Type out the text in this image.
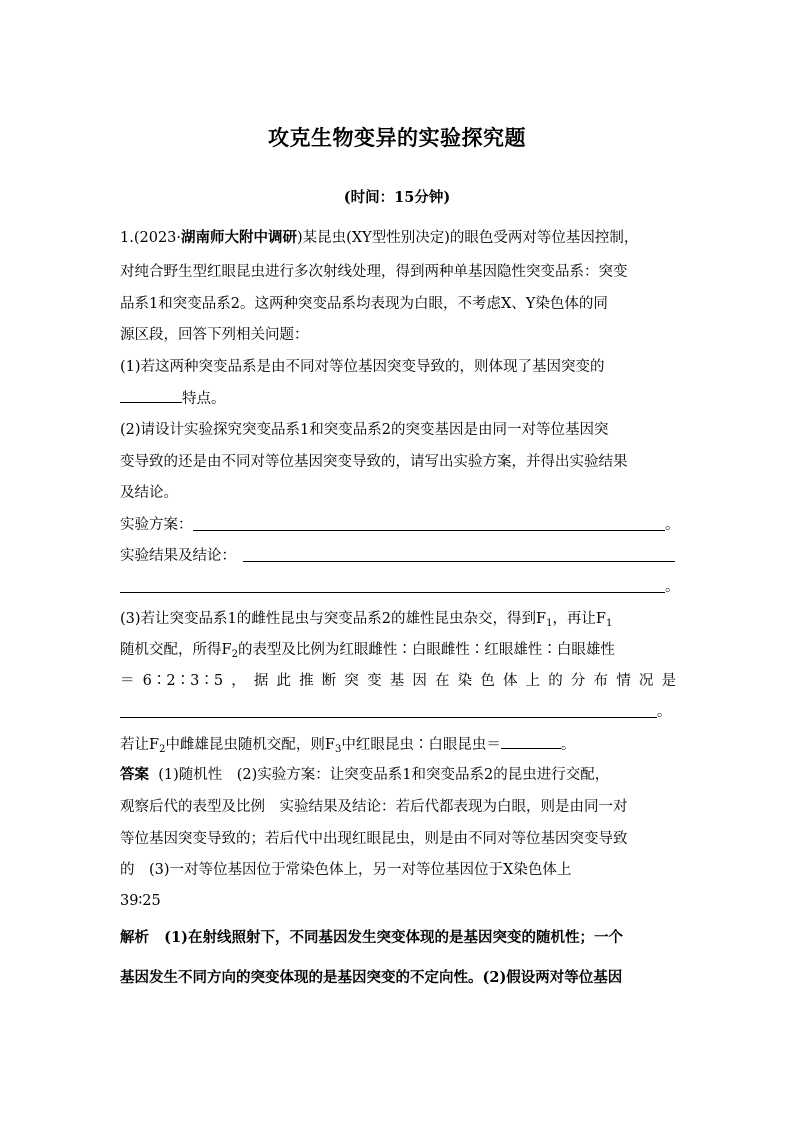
攻克生物变异的实验探究题
(时间：15分钟)
1.(2023·湖南师大附中调研)某昆虫(XY型性别决定)的眼色受两对等位基因控制，
对纯合野生型红眼昆虫进行多次射线处理，得到两种单基因隐性突变品系：突变
品系1和突变品系2。这两种突变品系均表现为白眼，不考虑X、Y染色体的同
源区段，回答下列相关问题：
(1)若这两种突变品系是由不同对等位基因突变导致的，则体现了基因突变的
特点。
(2)请设计实验探究突变品系1和突变品系2的突变基因是由同一对等位基因突
变导致的还是由不同对等位基因突变导致的，请写出实验方案，并得出实验结果
及结论。
实验方案：	。
实验结果及结论：
。
(3)若让突变品系1的雌性昆虫与突变品系2的雄性昆虫杂交，得到$F_1$，再让$F_1$
随机交配，所得$F_2$的表型及比例为红眼雌性∶白眼雌性∶红眼雄性∶白眼雄性
＝6∶2∶3∶5，据此推断突变基因在染色体上的分布情况是
。
若让$F_2$中雌雄昆虫随机交配，则$F_3$中红眼昆虫∶白眼昆虫＝	。
答案 (1)随机性　(2)实验方案：让突变品系1和突变品系2的昆虫进行交配，
观察后代的表型及比例　实验结果及结论：若后代都表现为白眼，则是由同一对
等位基因突变导致的；若后代中出现红眼昆虫，则是由不同对等位基因突变导致
的　(3)一对等位基因位于常染色体上，另一对等位基因位于X染色体上
39∶25
解析 (1)在射线照射下，不同基因发生突变体现的是基因突变的随机性；一个
基因发生不同方向的突变体现的是基因突变的不定向性。(2)假设两对等位基因
